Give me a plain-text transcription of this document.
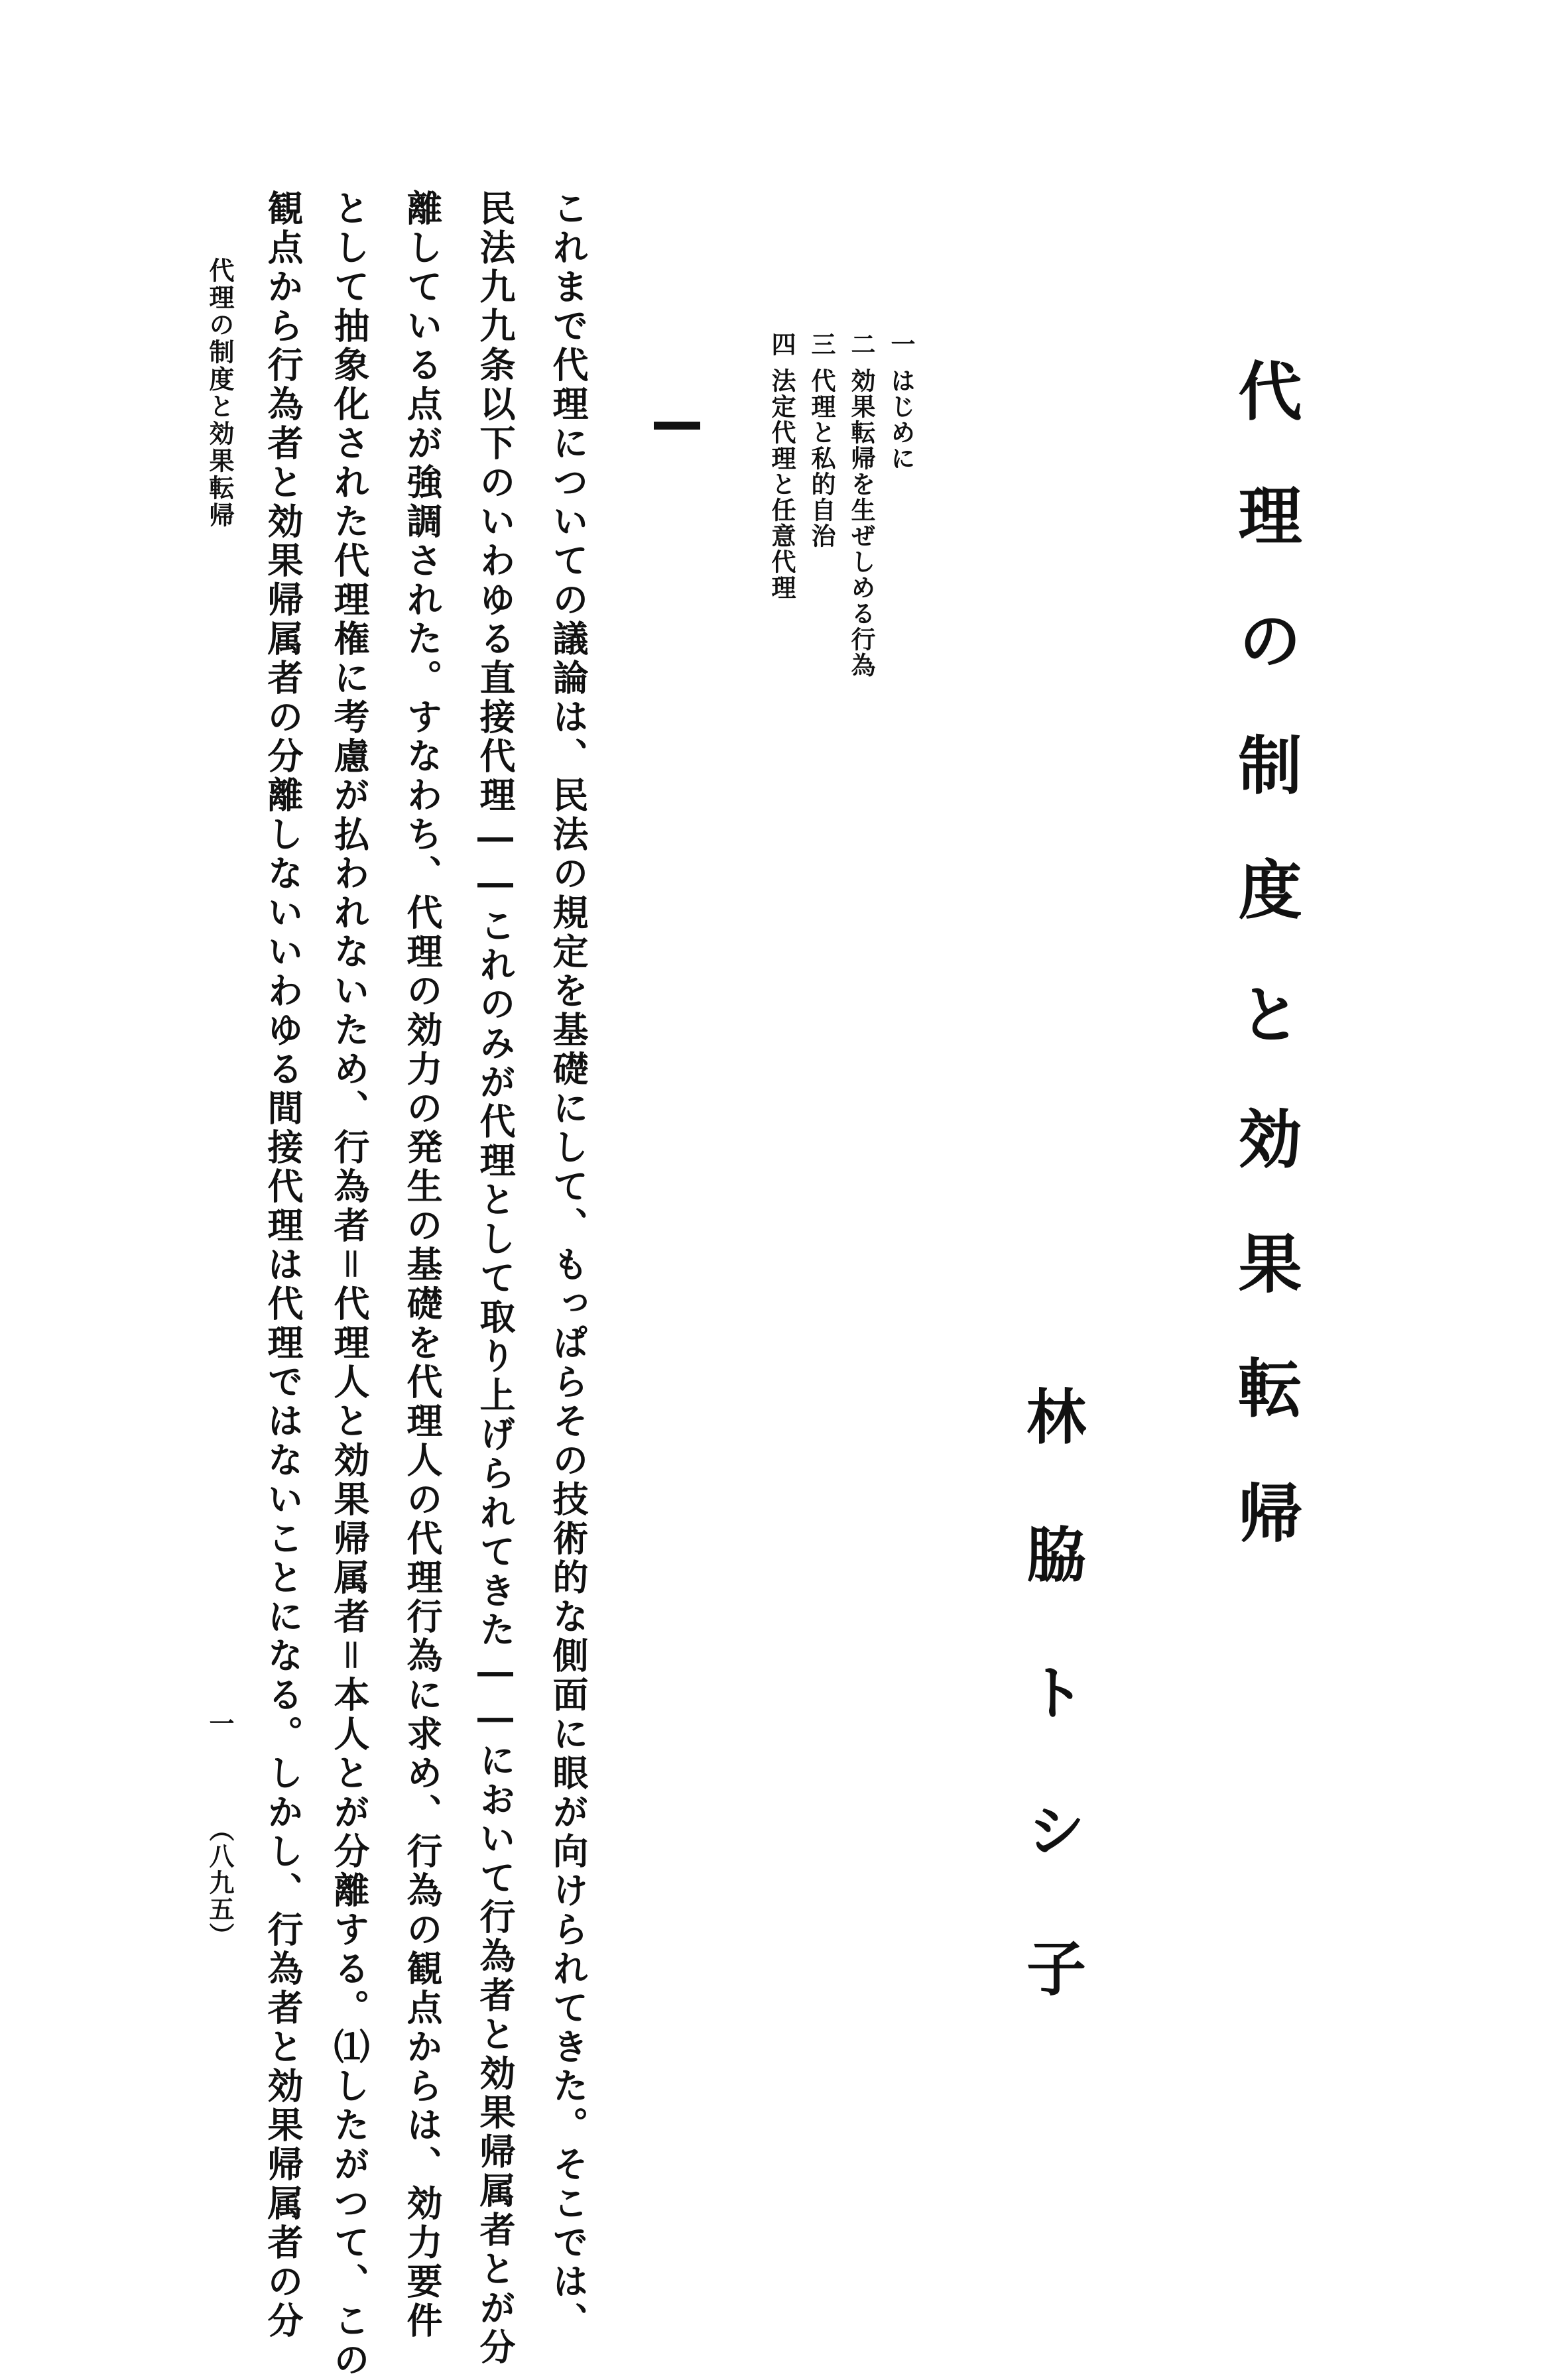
代理の制度と効果転帰
林脇トシ子
一はじめに
二効果転帰を生ぜしめる行為
三代理と私的自治
四法定代理と任意代理
これまで代理についての議論は、民法の規定を基礎にして、もっぱらその技術的な側面に眼が向けられてきた。そこでは、
民法九九条以下のいわゆる直接代理――これのみが代理として取り上げられてきた――において行為者と効果帰属者とが分
離している点が強調された。すなわち、代理の効力の発生の基礎を代理人の代理行為に求め、行為の観点からは、効力要件
として抽象化された代理権に考慮が払われないため、行為者＝代理人と効果帰属者＝本人とが分離する。⑴したがつて、この
観点から行為者と効果帰属者の分離しないいわゆる間接代理は代理ではないことになる。しかし、行為者と効果帰属者の分
代理の制度と効果転帰
一
（八九五）
